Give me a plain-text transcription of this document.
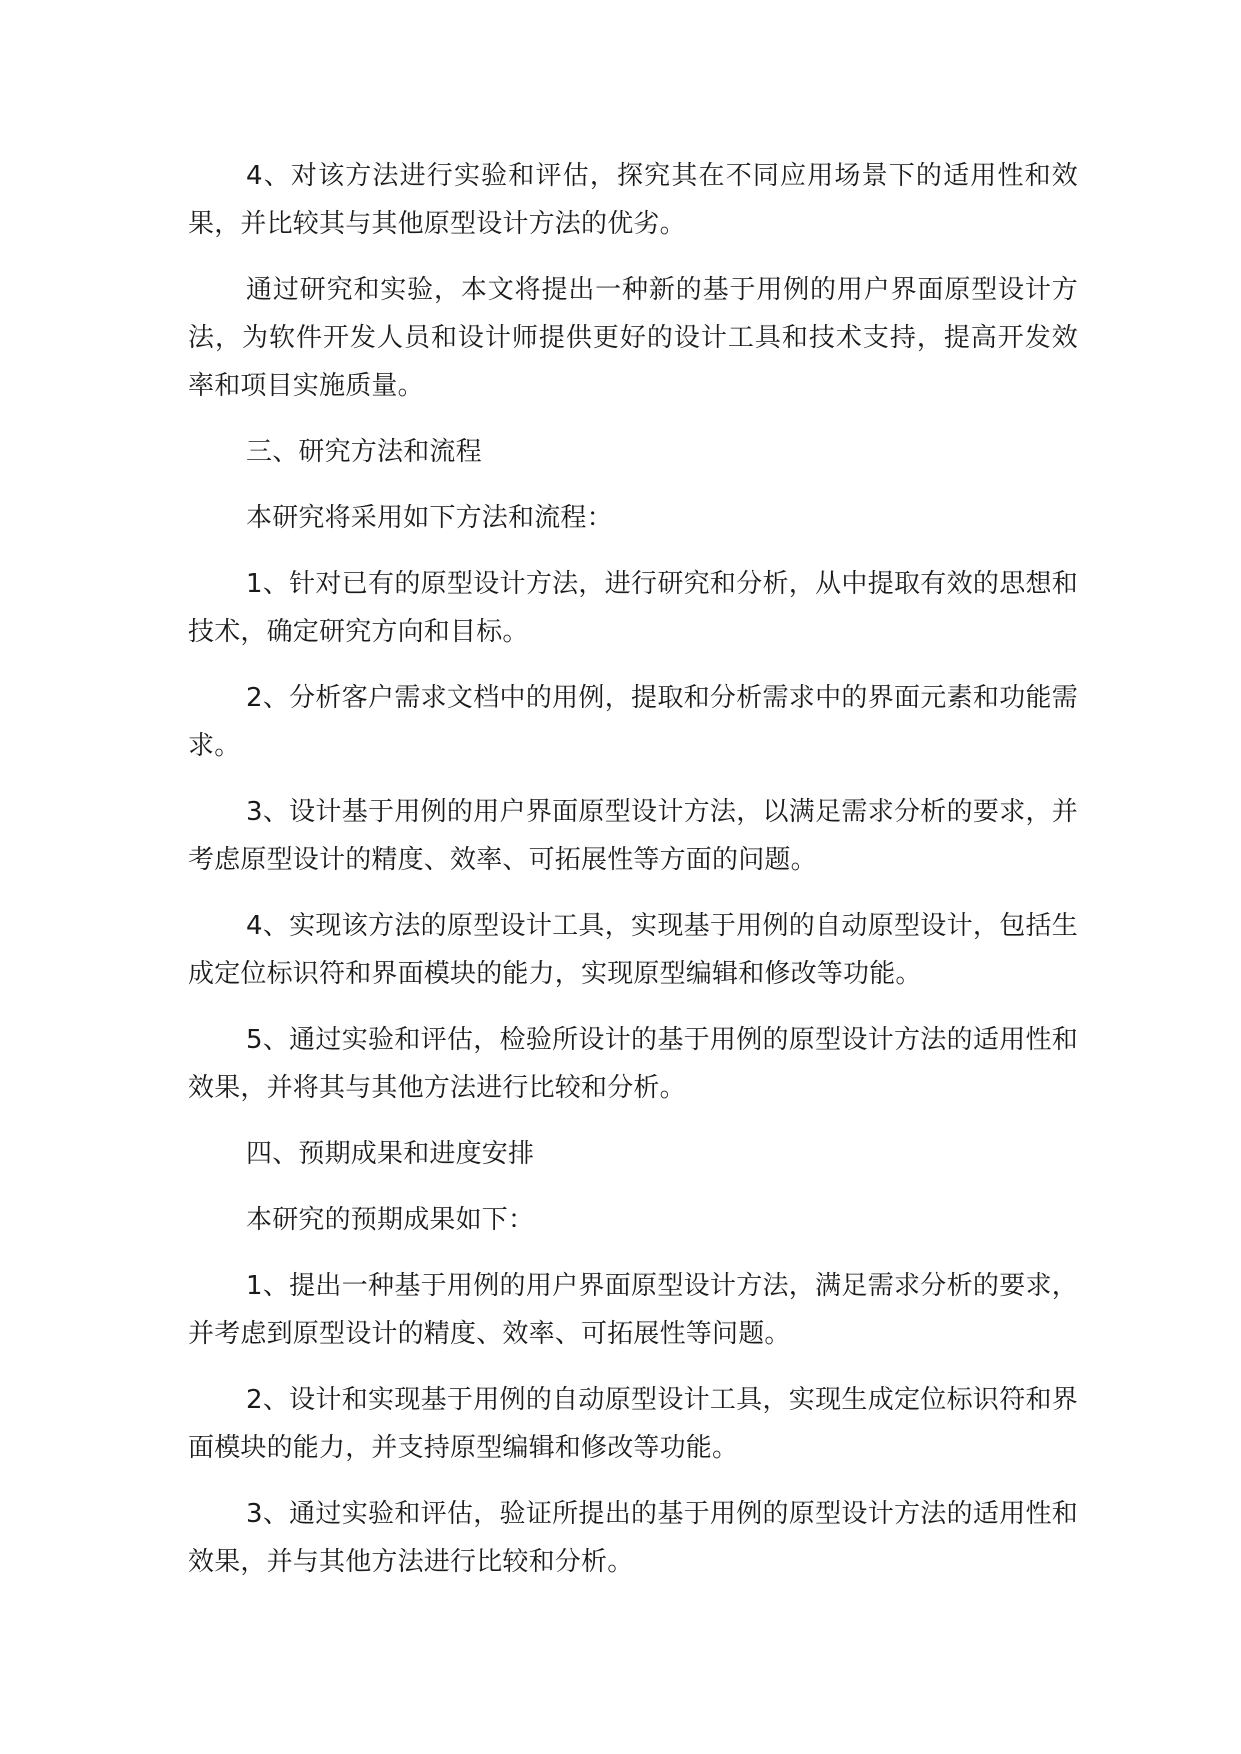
4、对该方法进行实验和评估，探究其在不同应用场景下的适用性和效果，并比较其与其他原型设计方法的优劣。

通过研究和实验，本文将提出一种新的基于用例的用户界面原型设计方法，为软件开发人员和设计师提供更好的设计工具和技术支持，提高开发效率和项目实施质量。

三、研究方法和流程

本研究将采用如下方法和流程：

1、针对已有的原型设计方法，进行研究和分析，从中提取有效的思想和技术，确定研究方向和目标。

2、分析客户需求文档中的用例，提取和分析需求中的界面元素和功能需求。

3、设计基于用例的用户界面原型设计方法，以满足需求分析的要求，并考虑原型设计的精度、效率、可拓展性等方面的问题。

4、实现该方法的原型设计工具，实现基于用例的自动原型设计，包括生成定位标识符和界面模块的能力，实现原型编辑和修改等功能。

5、通过实验和评估，检验所设计的基于用例的原型设计方法的适用性和效果，并将其与其他方法进行比较和分析。

四、预期成果和进度安排

本研究的预期成果如下：

1、提出一种基于用例的用户界面原型设计方法，满足需求分析的要求，并考虑到原型设计的精度、效率、可拓展性等问题。

2、设计和实现基于用例的自动原型设计工具，实现生成定位标识符和界面模块的能力，并支持原型编辑和修改等功能。

3、通过实验和评估，验证所提出的基于用例的原型设计方法的适用性和效果，并与其他方法进行比较和分析。
